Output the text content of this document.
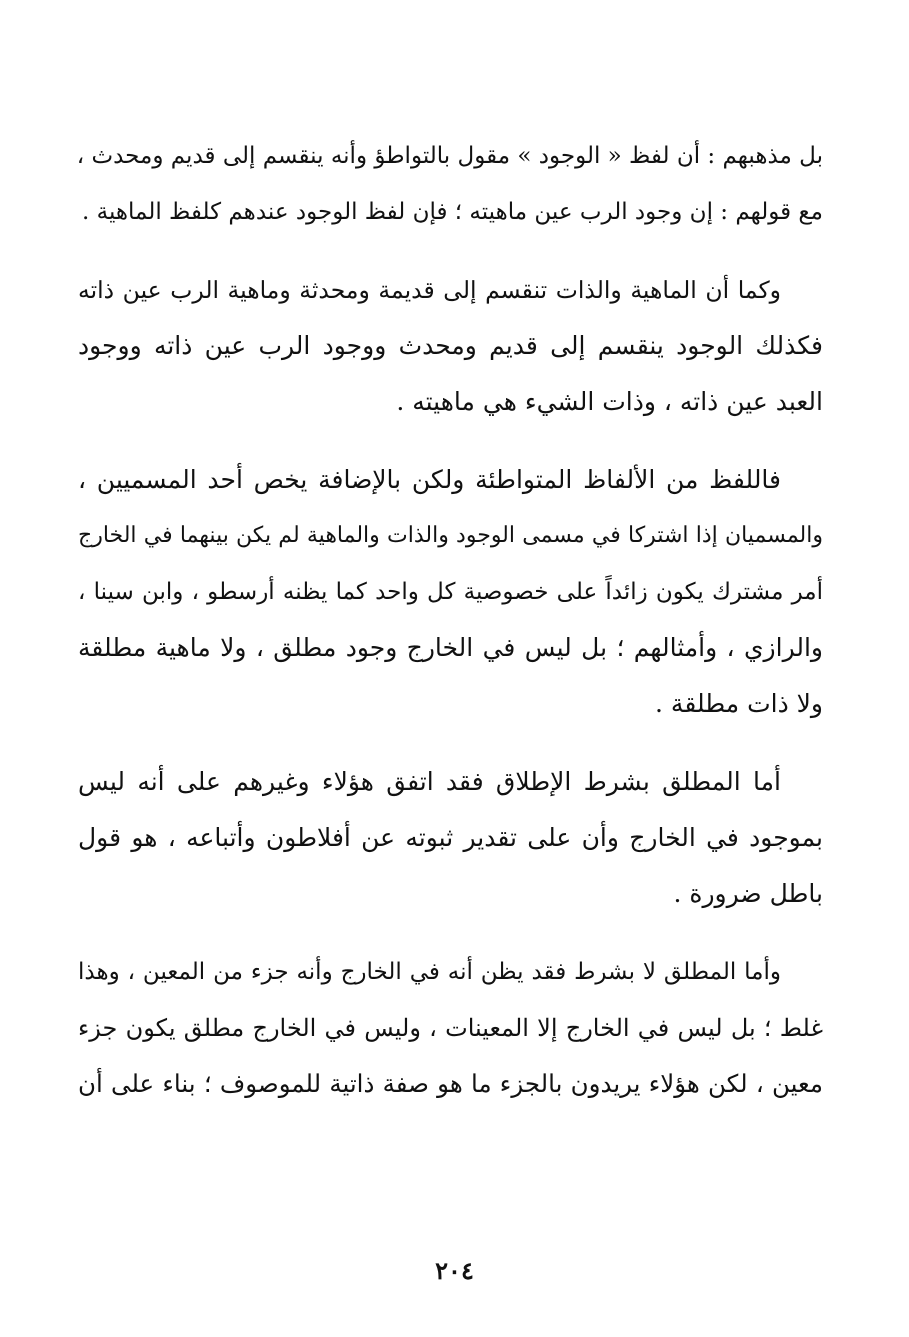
بل مذهبهم : أن لفظ « الوجود » مقول بالتواطؤ وأنه ينقسم إلى قديم ومحدث ،
مع قولهم : إن وجود الرب عين ماهيته ؛ فإن لفظ الوجود عندهم كلفظ الماهية .
وكما أن الماهية والذات تنقسم إلى قديمة ومحدثة وماهية الرب عين ذاته
فكذلك الوجود ينقسم إلى قديم ومحدث ووجود الرب عين ذاته ووجود
العبد عين ذاته ، وذات الشيء هي ماهيته .
فاللفظ من الألفاظ المتواطئة ولكن بالإضافة يخص أحد المسميين ،
والمسميان إذا اشتركا في مسمى الوجود والذات والماهية لم يكن بينهما في الخارج
أمر مشترك يكون زائداً على خصوصية كل واحد كما يظنه أرسطو ، وابن سينا ،
والرازي ، وأمثالهم ؛ بل ليس في الخارج وجود مطلق ، ولا ماهية مطلقة
ولا ذات مطلقة .
أما المطلق بشرط الإطلاق فقد اتفق هؤلاء وغيرهم على أنه ليس
بموجود في الخارج وأن على تقدير ثبوته عن أفلاطون وأتباعه ، هو قول
باطل ضرورة .
وأما المطلق لا بشرط فقد يظن أنه في الخارج وأنه جزء من المعين ، وهذا
غلط ؛ بل ليس في الخارج إلا المعينات ، وليس في الخارج مطلق يكون جزء
معين ، لكن هؤلاء يريدون بالجزء ما هو صفة ذاتية للموصوف ؛ بناء على أن
٢٠٤
